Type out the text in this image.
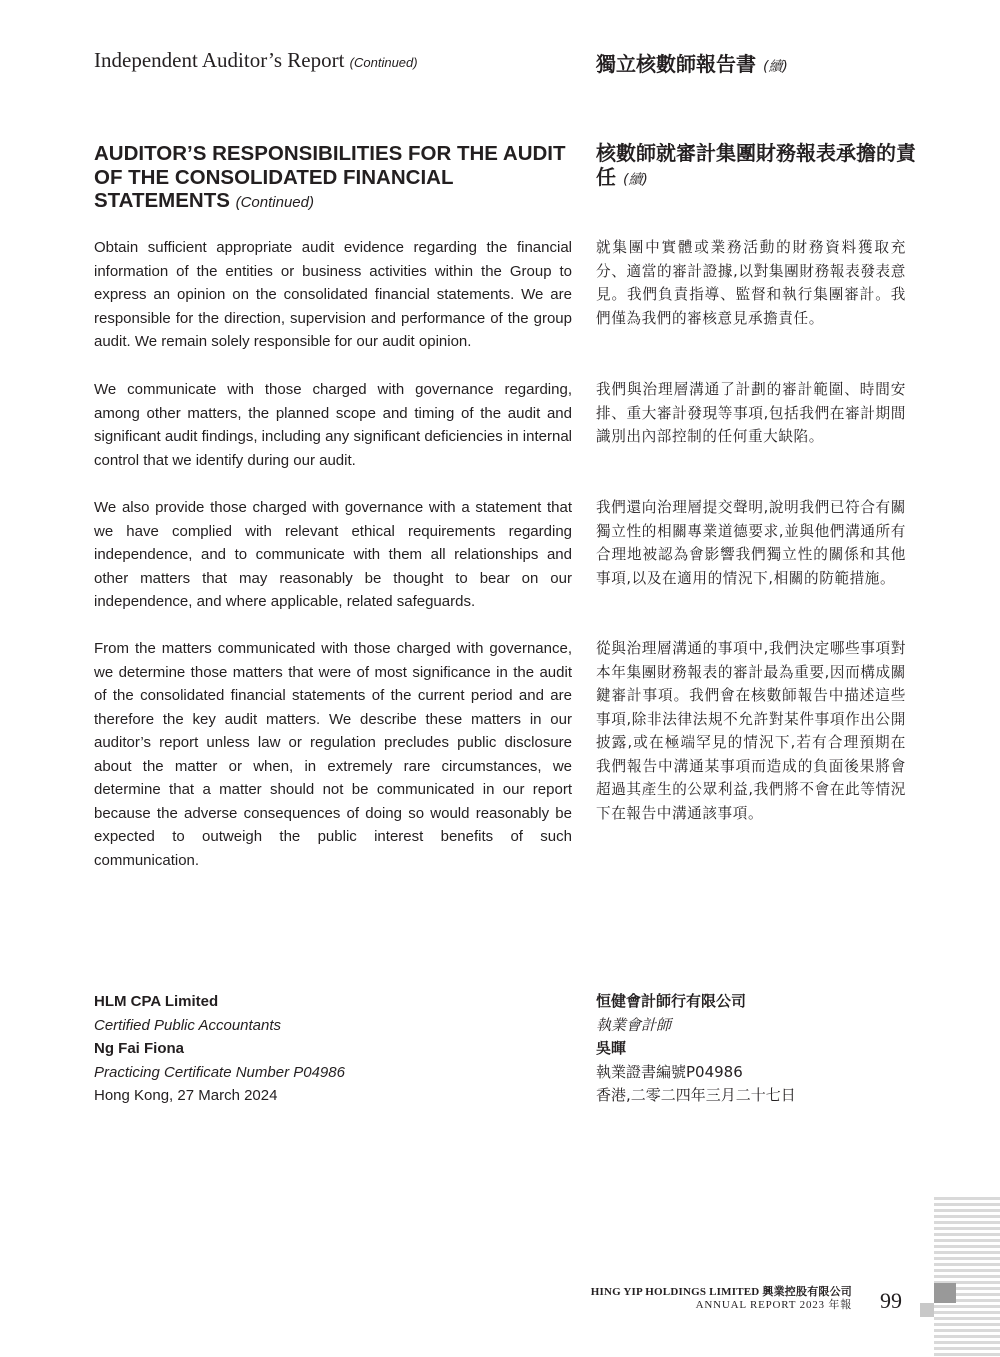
Independent Auditor’s Report (Continued)	獨立核數師報告書 (續)
AUDITOR’S RESPONSIBILITIES FOR THE AUDIT OF THE CONSOLIDATED FINANCIAL STATEMENTS (Continued)
核數師就審計集團財務報表承擔的責任 (續)

Obtain sufficient appropriate audit evidence regarding the financial information of the entities or business activities within the Group to express an opinion on the consolidated financial statements. We are responsible for the direction, supervision and performance of the group audit. We remain solely responsible for our audit opinion.

We communicate with those charged with governance regarding, among other matters, the planned scope and timing of the audit and significant audit findings, including any significant deficiencies in internal control that we identify during our audit.

We also provide those charged with governance with a statement that we have complied with relevant ethical requirements regarding independence, and to communicate with them all relationships and other matters that may reasonably be thought to bear on our independence, and where applicable, related safeguards.

From the matters communicated with those charged with governance, we determine those matters that were of most significance in the audit of the consolidated financial statements of the current period and are therefore the key audit matters. We describe these matters in our auditor’s report unless law or regulation precludes public disclosure about the matter or when, in extremely rare circumstances, we determine that a matter should not be communicated in our report because the adverse consequences of doing so would reasonably be expected to outweigh the public interest benefits of such communication.

就集團中實體或業務活動的財務資料獲取充分、適當的審計證據,以對集團財務報表發表意見。我們負責指導、監督和執行集團審計。我們僅為我們的審核意見承擔責任。

我們與治理層溝通了計劃的審計範圍、時間安排、重大審計發現等事項,包括我們在審計期間識別出內部控制的任何重大缺陷。

我們還向治理層提交聲明,說明我們已符合有關獨立性的相關專業道德要求,並與他們溝通所有合理地被認為會影響我們獨立性的關係和其他事項,以及在適用的情況下,相關的防範措施。

從與治理層溝通的事項中,我們決定哪些事項對本年集團財務報表的審計最為重要,因而構成關鍵審計事項。我們會在核數師報告中描述這些事項,除非法律法規不允許對某件事項作出公開披露,或在極端罕見的情況下,若有合理預期在我們報告中溝通某事項而造成的負面後果將會超過其產生的公眾利益,我們將不會在此等情況下在報告中溝通該事項。

HLM CPA Limited
Certified Public Accountants
Ng Fai Fiona
Practicing Certificate Number P04986
Hong Kong, 27 March 2024
恒健會計師行有限公司
執業會計師
吳暉
執業證書編號P04986
香港,二零二四年三月二十七日
HING YIP HOLDINGS LIMITED 興業控股有限公司
ANNUAL REPORT 2023 年報 99
